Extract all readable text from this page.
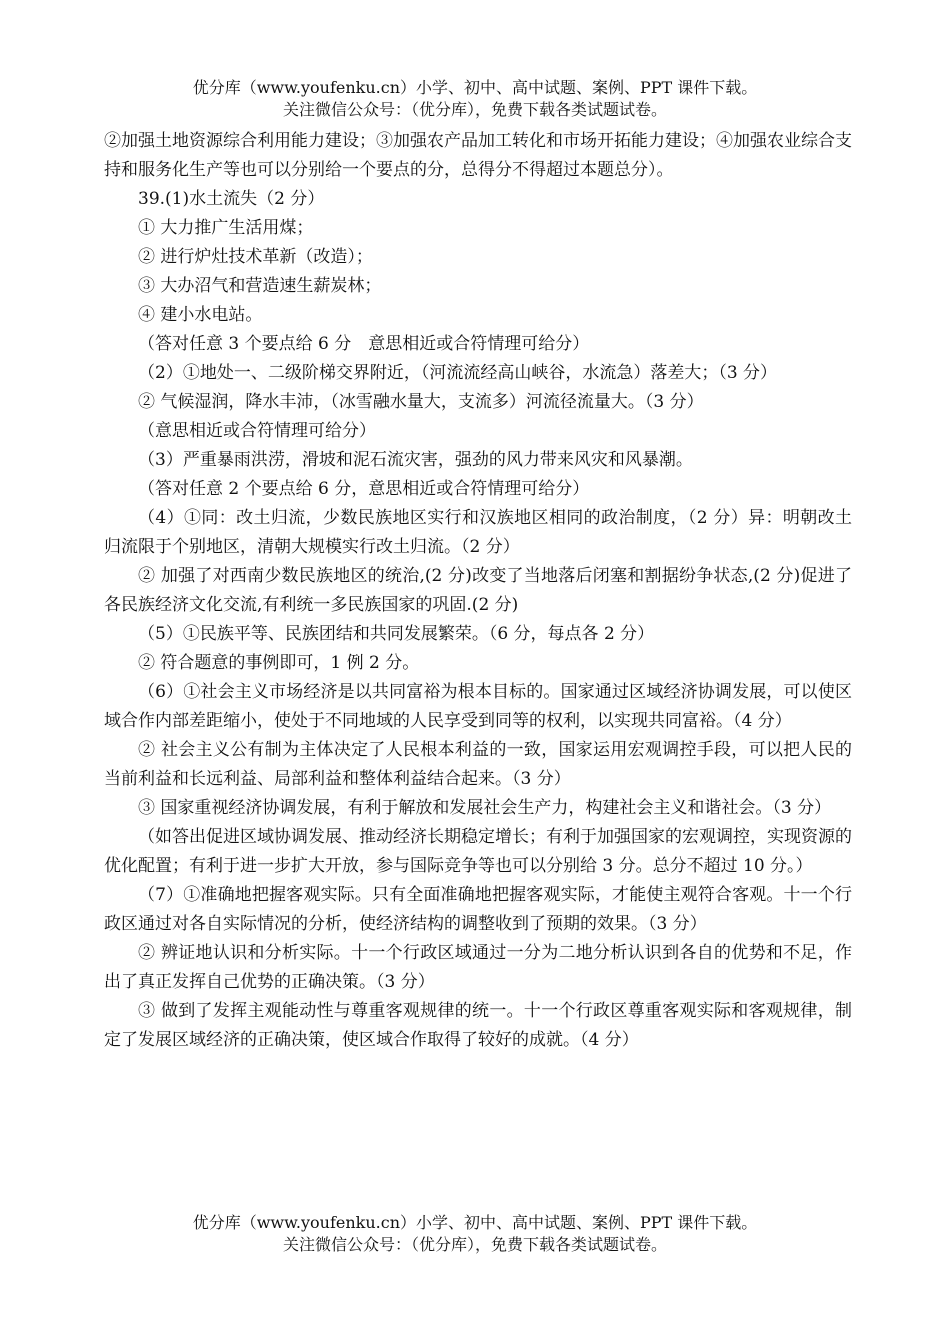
优分库（www.youfenku.cn）小学、初中、高中试题、案例、PPT 课件下载。
关注微信公众号：（优分库），免费下载各类试题试卷。

②加强土地资源综合利用能力建设；③加强农产品加工转化和市场开拓能力建设；④加强农业综合支持和服务化生产等也可以分别给一个要点的分，总得分不得超过本题总分）。

39.(1)水土流失（2 分）

① 大力推广生活用煤；

② 进行炉灶技术革新（改造）；

③ 大办沼气和营造速生薪炭林；

④ 建小水电站。

（答对任意 3 个要点给 6 分　意思相近或合符情理可给分）

（2）①地处一、二级阶梯交界附近，（河流流经高山峡谷，水流急）落差大；（3 分）

② 气候湿润，降水丰沛，（冰雪融水量大，支流多）河流径流量大。（3 分）

（意思相近或合符情理可给分）

（3）严重暴雨洪涝，滑坡和泥石流灾害，强劲的风力带来风灾和风暴潮。

（答对任意 2 个要点给 6 分，意思相近或合符情理可给分）

（4）①同：改土归流，少数民族地区实行和汉族地区相同的政治制度，（2 分）异：明朝改土归流限于个别地区，清朝大规模实行改土归流。（2 分）

② 加强了对西南少数民族地区的统治,(2 分)改变了当地落后闭塞和割据纷争状态,(2 分)促进了各民族经济文化交流,有利统一多民族国家的巩固.(2 分)

（5）①民族平等、民族团结和共同发展繁荣。（6 分，每点各 2 分）

② 符合题意的事例即可，1 例 2 分。

（6）①社会主义市场经济是以共同富裕为根本目标的。国家通过区域经济协调发展，可以使区域合作内部差距缩小，使处于不同地域的人民享受到同等的权利，以实现共同富裕。（4 分）

② 社会主义公有制为主体决定了人民根本利益的一致，国家运用宏观调控手段，可以把人民的当前利益和长远利益、局部利益和整体利益结合起来。（3 分）

③ 国家重视经济协调发展，有利于解放和发展社会生产力，构建社会主义和谐社会。（3 分）

（如答出促进区域协调发展、推动经济长期稳定增长；有利于加强国家的宏观调控，实现资源的优化配置；有利于进一步扩大开放，参与国际竞争等也可以分别给 3 分。总分不超过 10 分。）

（7）①准确地把握客观实际。只有全面准确地把握客观实际，才能使主观符合客观。十一个行政区通过对各自实际情况的分析，使经济结构的调整收到了预期的效果。（3 分）

② 辨证地认识和分析实际。十一个行政区域通过一分为二地分析认识到各自的优势和不足，作出了真正发挥自己优势的正确决策。（3 分）

③ 做到了发挥主观能动性与尊重客观规律的统一。十一个行政区尊重客观实际和客观规律，制定了发展区域经济的正确决策，使区域合作取得了较好的成就。（4 分）

优分库（www.youfenku.cn）小学、初中、高中试题、案例、PPT 课件下载。
关注微信公众号：（优分库），免费下载各类试题试卷。
